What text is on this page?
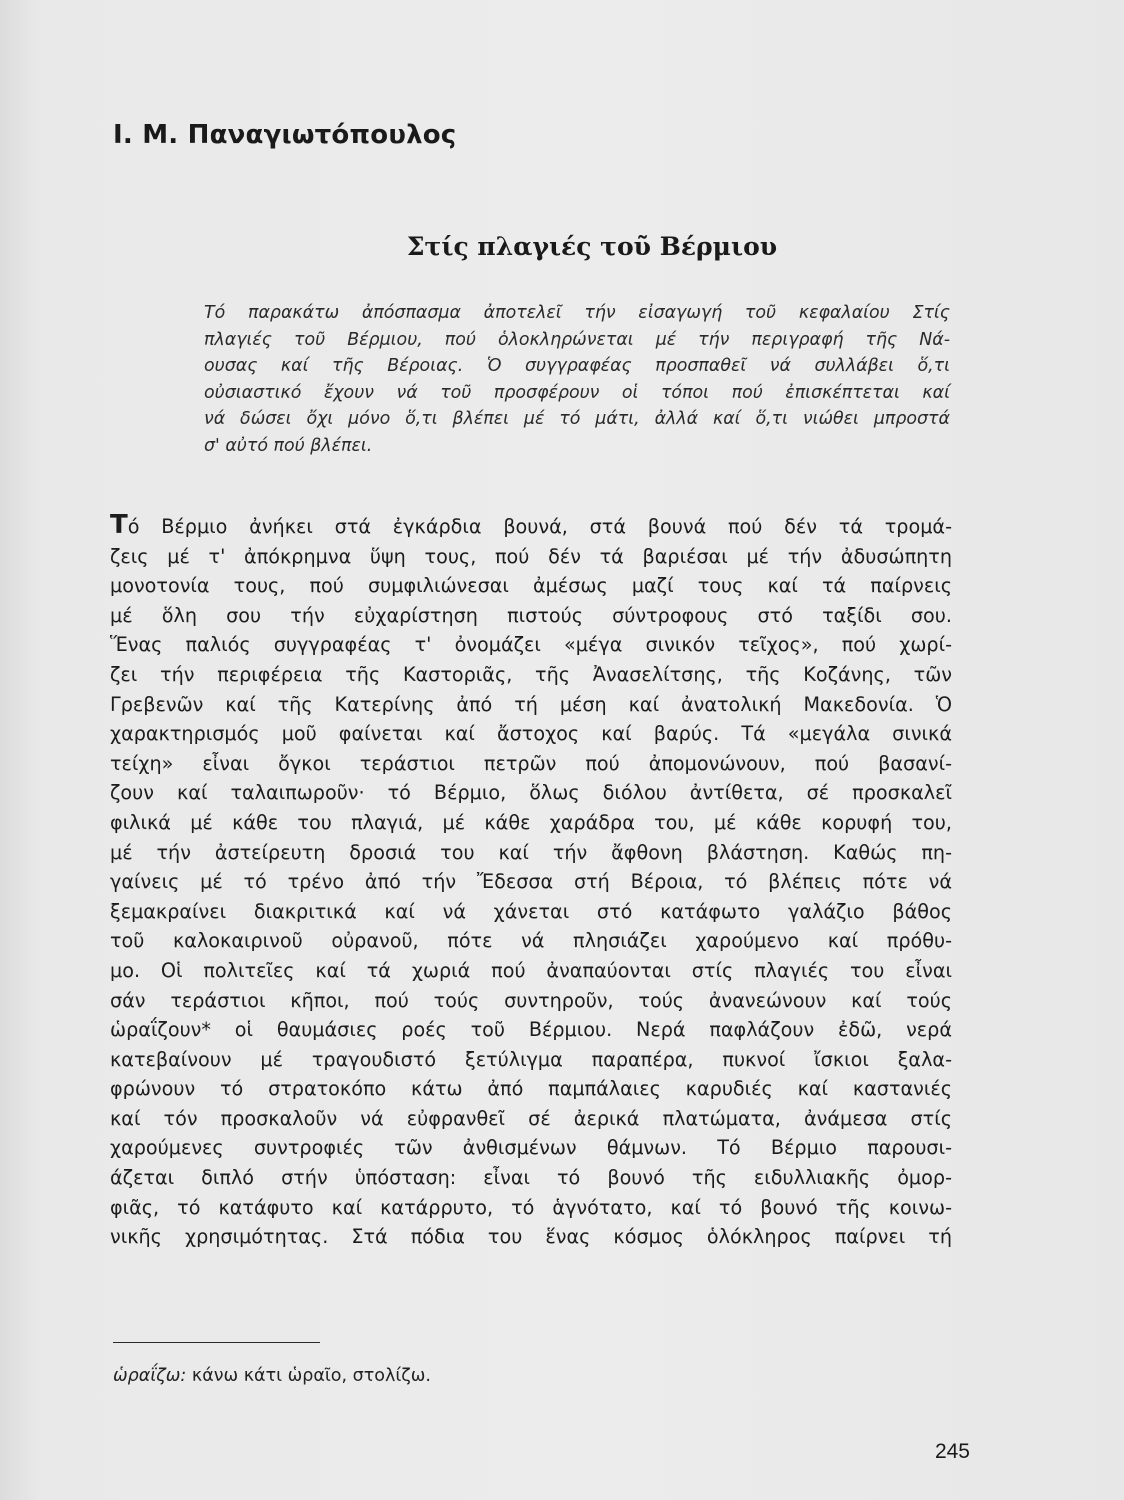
Ι. Μ. Παναγιωτόπουλος
Στίς πλαγιές τοῦ Βέρμιου
Τό παρακάτω ἀπόσπασμα ἀποτελεῖ τήν εἰσαγωγή τοῦ κεφαλαίου Στίς
πλαγιές τοῦ Βέρμιου, πού ὁλοκληρώνεται μέ τήν περιγραφή τῆς Νά-
ουσας καί τῆς Βέροιας. Ὁ συγγραφέας προσπαθεῖ νά συλλάβει ὅ,τι
οὐσιαστικό ἔχουν νά τοῦ προσφέρουν οἱ τόποι πού ἐπισκέπτεται καί
νά δώσει ὄχι μόνο ὅ,τι βλέπει μέ τό μάτι, ἀλλά καί ὅ,τι νιώθει μπροστά
σ' αὐτό πού βλέπει.
Τό Βέρμιο ἀνήκει στά ἐγκάρδια βουνά, στά βουνά πού δέν τά τρομά-
ζεις μέ τ' ἀπόκρημνα ὕψη τους, πού δέν τά βαριέσαι μέ τήν ἀδυσώπητη
μονοτονία τους, πού συμφιλιώνεσαι ἀμέσως μαζί τους καί τά παίρνεις
μέ ὅλη σου τήν εὐχαρίστηση πιστούς σύντροφους στό ταξίδι σου.
Ἕνας παλιός συγγραφέας τ' ὀνομάζει «μέγα σινικόν τεῖχος», πού χωρί-
ζει τήν περιφέρεια τῆς Καστοριᾶς, τῆς Ἀνασελίτσης, τῆς Κοζάνης, τῶν
Γρεβενῶν καί τῆς Κατερίνης ἀπό τή μέση καί ἀνατολική Μακεδονία. Ὁ
χαρακτηρισμός μοῦ φαίνεται καί ἄστοχος καί βαρύς. Τά «μεγάλα σινικά
τείχη» εἶναι ὄγκοι τεράστιοι πετρῶν πού ἀπομονώνουν, πού βασανί-
ζουν καί ταλαιπωροῦν· τό Βέρμιο, ὅλως διόλου ἀντίθετα, σέ προσκαλεῖ
φιλικά μέ κάθε του πλαγιά, μέ κάθε χαράδρα του, μέ κάθε κορυφή του,
μέ τήν ἀστείρευτη δροσιά του καί τήν ἄφθονη βλάστηση. Καθώς πη-
γαίνεις μέ τό τρένο ἀπό τήν Ἔδεσσα στή Βέροια, τό βλέπεις πότε νά
ξεμακραίνει διακριτικά καί νά χάνεται στό κατάφωτο γαλάζιο βάθος
τοῦ καλοκαιρινοῦ οὐρανοῦ, πότε νά πλησιάζει χαρούμενο καί πρόθυ-
μο. Οἱ πολιτεῖες καί τά χωριά πού ἀναπαύονται στίς πλαγιές του εἶναι
σάν τεράστιοι κῆποι, πού τούς συντηροῦν, τούς ἀνανεώνουν καί τούς
ὡραΐζουν* οἱ θαυμάσιες ροές τοῦ Βέρμιου. Νερά παφλάζουν ἐδῶ, νερά
κατεβαίνουν μέ τραγουδιστό ξετύλιγμα παραπέρα, πυκνοί ἴσκιοι ξαλα-
φρώνουν τό στρατοκόπο κάτω ἀπό παμπάλαιες καρυδιές καί καστανιές
καί τόν προσκαλοῦν νά εὐφρανθεῖ σέ ἀερικά πλατώματα, ἀνάμεσα στίς
χαρούμενες συντροφιές τῶν ἀνθισμένων θάμνων. Τό Βέρμιο παρουσι-
άζεται διπλό στήν ὑπόσταση: εἶναι τό βουνό τῆς ειδυλλιακῆς ὀμορ-
φιᾶς, τό κατάφυτο καί κατάρρυτο, τό ἁγνότατο, καί τό βουνό τῆς κοινω-
νικῆς χρησιμότητας. Στά πόδια του ἕνας κόσμος ὁλόκληρος παίρνει τή
ὡραΐζω: κάνω κάτι ὡραῖο, στολίζω.
245
